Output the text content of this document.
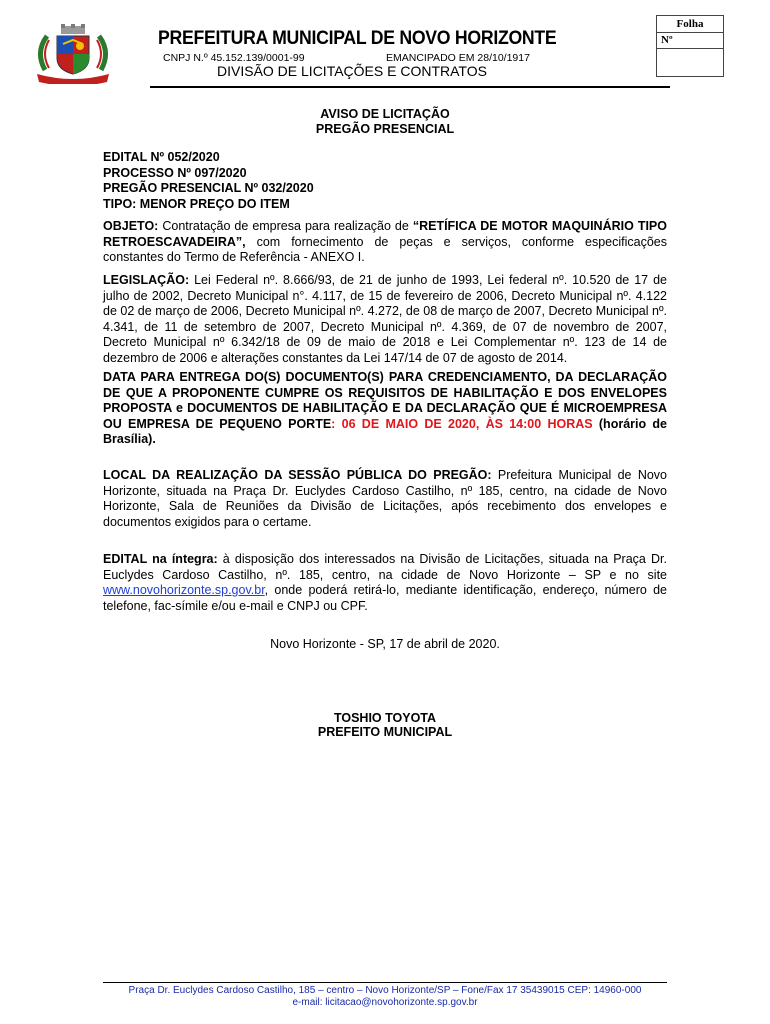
PREFEITURA MUNICIPAL DE NOVO HORIZONTE
CNPJ N.º 45.152.139/0001-99	EMANCIPADO EM 28/10/1917
DIVISÃO DE LICITAÇÕES E CONTRATOS
Folha
Nº
AVISO DE LICITAÇÃO
PREGÃO PRESENCIAL
EDITAL Nº 052/2020
PROCESSO Nº 097/2020
PREGÃO PRESENCIAL Nº 032/2020
TIPO: MENOR PREÇO DO ITEM
OBJETO: Contratação de empresa para realização de “RETÍFICA DE MOTOR MAQUINÁRIO TIPO RETROESCAVADEIRA”, com fornecimento de peças e serviços, conforme especificações constantes do Termo de Referência - ANEXO I.
LEGISLAÇÃO: Lei Federal nº. 8.666/93, de 21 de junho de 1993, Lei federal nº. 10.520 de 17 de julho de 2002, Decreto Municipal n°. 4.117, de 15 de fevereiro de 2006, Decreto Municipal nº. 4.122 de 02 de março de 2006, Decreto Municipal nº. 4.272, de 08 de março de 2007, Decreto Municipal nº. 4.341, de 11 de setembro de 2007, Decreto Municipal nº. 4.369, de 07 de novembro de 2007, Decreto Municipal nº 6.342/18 de 09 de maio de 2018 e Lei Complementar nº. 123 de 14 de dezembro de 2006 e alterações constantes da Lei 147/14 de 07 de agosto de 2014.
DATA PARA ENTREGA DO(S) DOCUMENTO(S) PARA CREDENCIAMENTO, DA DECLARAÇÃO DE QUE A PROPONENTE CUMPRE OS REQUISITOS DE HABILITAÇÃO E DOS ENVELOPES PROPOSTA e DOCUMENTOS DE HABILITAÇÃO E DA DECLARAÇÃO QUE É MICROEMPRESA OU EMPRESA DE PEQUENO PORTE: 06 DE MAIO DE 2020, ÀS 14:00 HORAS (horário de Brasília).
LOCAL DA REALIZAÇÃO DA SESSÃO PÚBLICA DO PREGÃO: Prefeitura Municipal de Novo Horizonte, situada na Praça Dr. Euclydes Cardoso Castilho, nº 185, centro, na cidade de Novo Horizonte, Sala de Reuniões da Divisão de Licitações, após recebimento dos envelopes e documentos exigidos para o certame.
EDITAL na íntegra: à disposição dos interessados na Divisão de Licitações, situada na Praça Dr. Euclydes Cardoso Castilho, nº. 185, centro, na cidade de Novo Horizonte – SP e no site www.novohorizonte.sp.gov.br, onde poderá retirá-lo, mediante identificação, endereço, número de telefone, fac-símile e/ou e-mail e CNPJ ou CPF.
Novo Horizonte - SP, 17 de abril de 2020.
TOSHIO TOYOTA
PREFEITO MUNICIPAL
Praça Dr. Euclydes Cardoso Castilho, 185 – centro – Novo Horizonte/SP – Fone/Fax 17 35439015 CEP: 14960-000
e-mail: licitacao@novohorizonte.sp.gov.br
